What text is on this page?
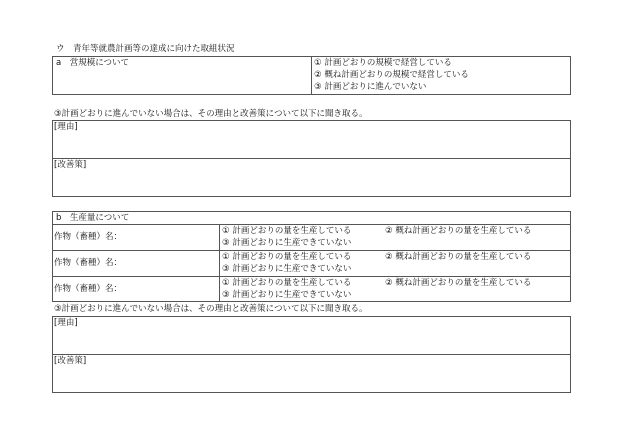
ウ　青年等就農計画等の達成に向けた取組状況
a　営規模について	① 計画どおりの規模で経営している
② 概ね計画どおりの規模で経営している
③ 計画どおりに進んでいない
③計画どおりに進んでいない場合は、その理由と改善策について以下に聞き取る。
[理由]
[改善策]
b　生産量について
作物（畜種）名：
① 計画どおりの量を生産している	② 概ね計画どおりの量を生産している
③ 計画どおりに生産できていない
作物（畜種）名：
① 計画どおりの量を生産している	② 概ね計画どおりの量を生産している
③ 計画どおりに生産できていない
作物（畜種）名：
① 計画どおりの量を生産している	② 概ね計画どおりの量を生産している
③ 計画どおりに生産できていない
③計画どおりに進んでいない場合は、その理由と改善策について以下に聞き取る。
[理由]
[改善策]
